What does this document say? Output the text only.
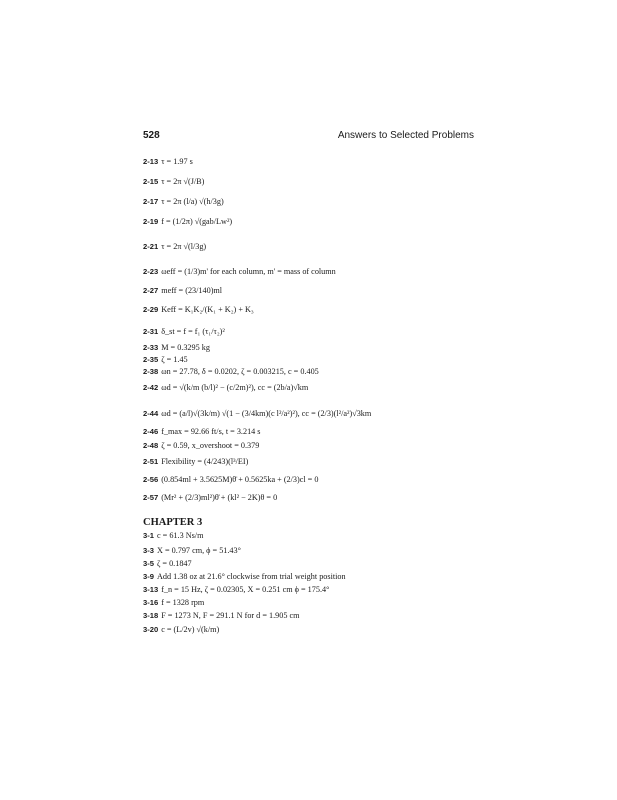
528	Answers to Selected Problems
2-13 τ = 1.97 s
2-15 τ = 2π √(J/B)
2-17 τ = 2π (l/a) √(h/3g)
2-19 f = (1/2π) √(gab/Lw²)
2-21 τ = 2π √(l/3g)
2-23 ωeff = (1/3)m' for each column, m' = mass of column
2-27 meff = (23/140)ml
2-29 Keff = K₁K₂/(K₁ + K₂) + K₃
2-31 δ_st = f = f₁ (τ₁/τ₂)²
2-33 M = 0.3295 kg
2-35 ζ = 1.45
2-38 ωn = 27.78, δ = 0.0202, ζ = 0.003215, c = 0.405
2-42 ωd = √(k/m (b/l)² − (c/2m)²), cc = (2b/a)√km
2-44 ωd = (a/l)√(3k/m) √(1 − (3/4km)(c l²/a²)²), cc = (2/3)(l²/a²)√3km
2-46 f_max = 92.66 ft/s, t = 3.214 s
2-48 ζ = 0.59, x_overshoot = 0.379
2-51 Flexibility = (4/243)(l³/EI)
2-56 (0.854ml + 3.5625M)θ̈ + 0.5625ka + (2/3)cl = 0
2-57 (Mr² + (2/3)ml²)θ̈ + (kl² − 2K)θ = 0
CHAPTER 3
3-1 c = 61.3 Ns/m
3-3 X = 0.797 cm, ϕ = 51.43°
3-5 ζ = 0.1847
3-9 Add 1.38 oz at 21.6° clockwise from trial weight position
3-13 f_n = 15 Hz, ζ = 0.02305, X = 0.251 cm ϕ = 175.4°
3-16 f = 1328 rpm
3-18 F = 1273 N, F = 291.1 N for d = 1.905 cm
3-20 c = (L/2v) √(k/m)
